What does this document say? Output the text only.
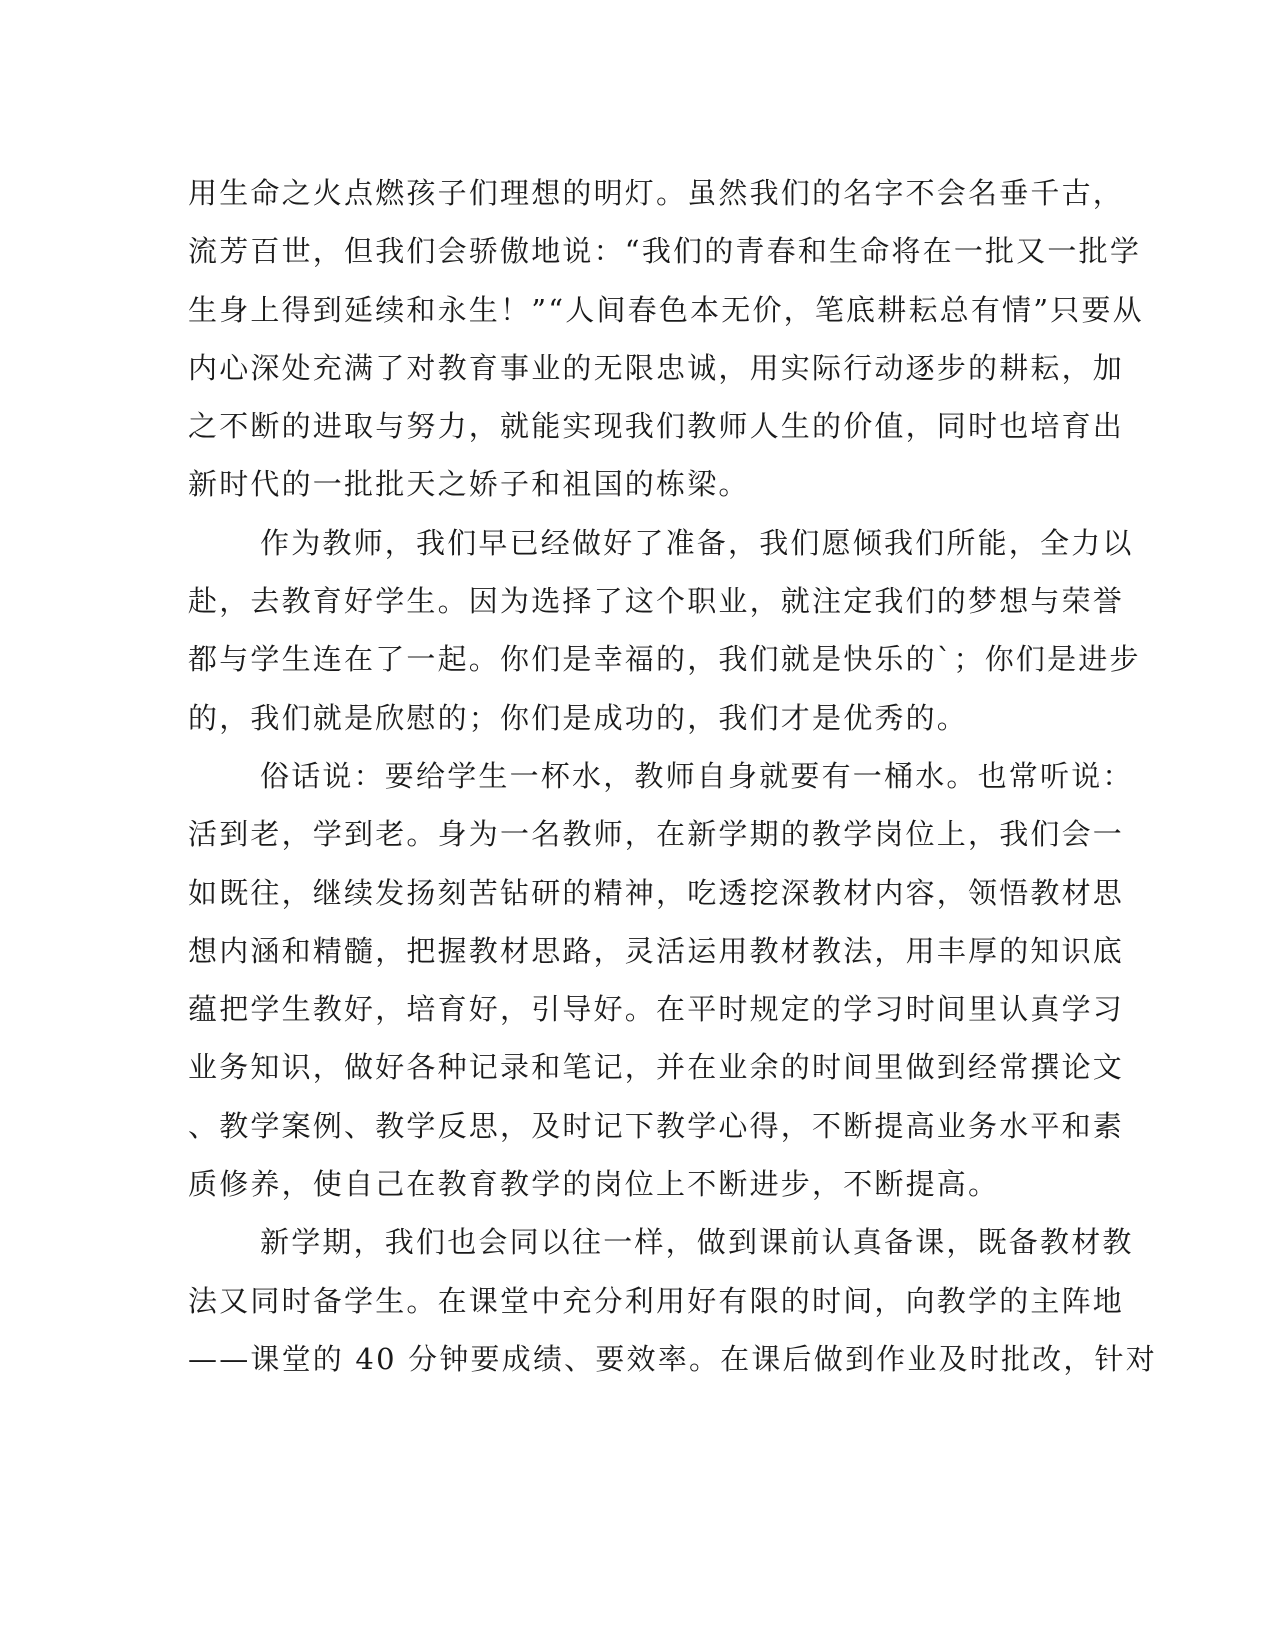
用生命之火点燃孩子们理想的明灯。虽然我们的名字不会名垂千古，
流芳百世，但我们会骄傲地说：“我们的青春和生命将在一批又一批学
生身上得到延续和永生！”“人间春色本无价，笔底耕耘总有情”只要从
内心深处充满了对教育事业的无限忠诚，用实际行动逐步的耕耘，加
之不断的进取与努力，就能实现我们教师人生的价值，同时也培育出
新时代的一批批天之娇子和祖国的栋梁。
作为教师，我们早已经做好了准备，我们愿倾我们所能，全力以
赴，去教育好学生。因为选择了这个职业，就注定我们的梦想与荣誉
都与学生连在了一起。你们是幸福的，我们就是快乐的`；你们是进步
的，我们就是欣慰的；你们是成功的，我们才是优秀的。
俗话说：要给学生一杯水，教师自身就要有一桶水。也常听说：
活到老，学到老。身为一名教师，在新学期的教学岗位上，我们会一
如既往，继续发扬刻苦钻研的精神，吃透挖深教材内容，领悟教材思
想内涵和精髓，把握教材思路，灵活运用教材教法，用丰厚的知识底
蕴把学生教好，培育好，引导好。在平时规定的学习时间里认真学习
业务知识，做好各种记录和笔记，并在业余的时间里做到经常撰论文
、教学案例、教学反思，及时记下教学心得，不断提高业务水平和素
质修养，使自己在教育教学的岗位上不断进步，不断提高。
新学期，我们也会同以往一样，做到课前认真备课，既备教材教
法又同时备学生。在课堂中充分利用好有限的时间，向教学的主阵地
——课堂的 40 分钟要成绩、要效率。在课后做到作业及时批改，针对
